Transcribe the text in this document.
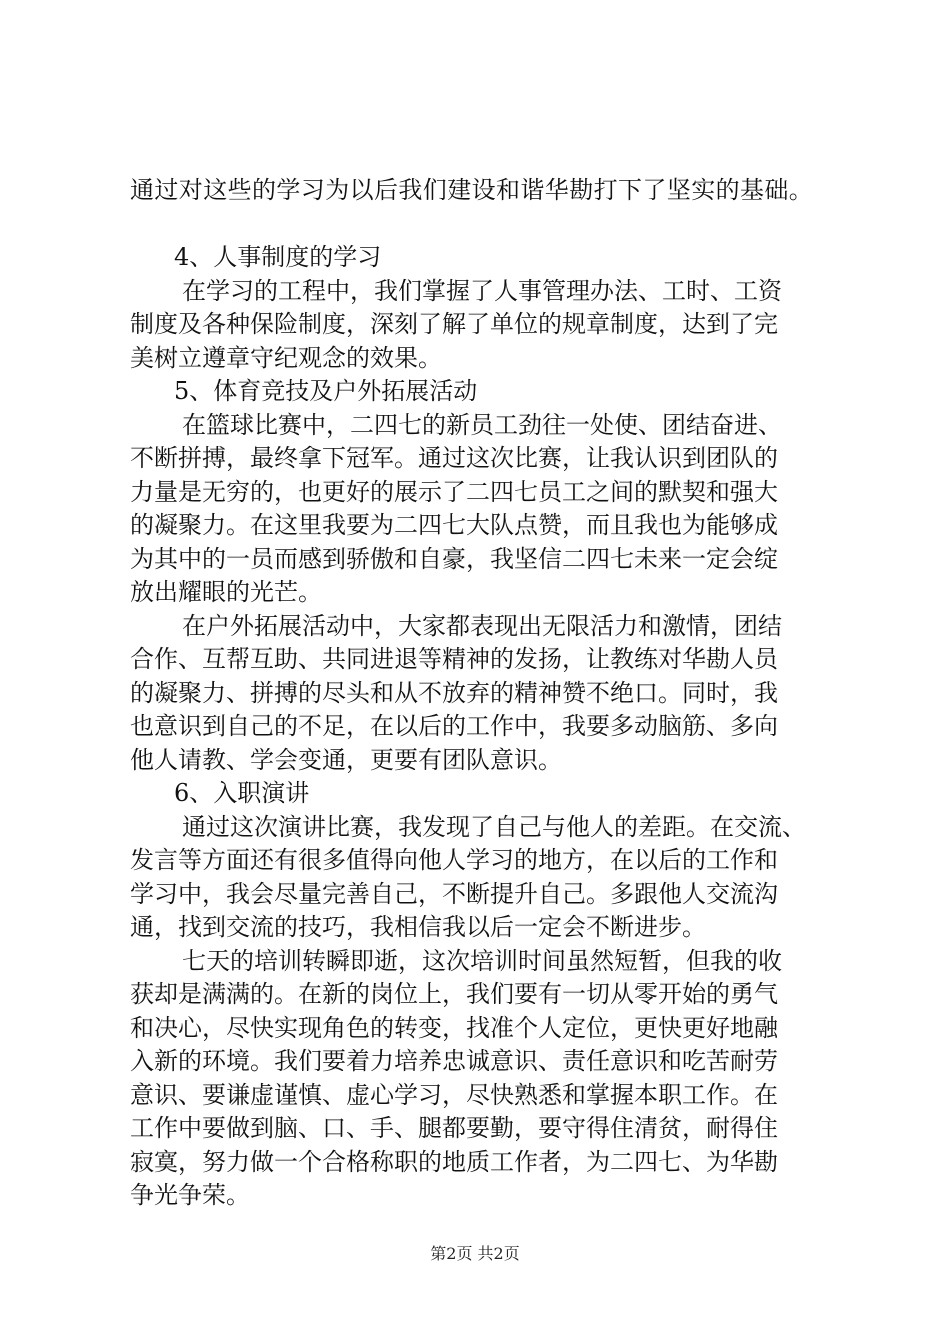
通过对这些的学习为以后我们建设和谐华勘打下了坚实的基础。
4、人事制度的学习
在学习的工程中，我们掌握了人事管理办法、工时、工资
制度及各种保险制度，深刻了解了单位的规章制度，达到了完
美树立遵章守纪观念的效果。
5、体育竞技及户外拓展活动
在篮球比赛中，二四七的新员工劲往一处使、团结奋进、
不断拼搏，最终拿下冠军。通过这次比赛，让我认识到团队的
力量是无穷的，也更好的展示了二四七员工之间的默契和强大
的凝聚力。在这里我要为二四七大队点赞，而且我也为能够成
为其中的一员而感到骄傲和自豪，我坚信二四七未来一定会绽
放出耀眼的光芒。
在户外拓展活动中，大家都表现出无限活力和激情，团结
合作、互帮互助、共同进退等精神的发扬，让教练对华勘人员
的凝聚力、拼搏的尽头和从不放弃的精神赞不绝口。同时，我
也意识到自己的不足，在以后的工作中，我要多动脑筋、多向
他人请教、学会变通，更要有团队意识。
6、入职演讲
通过这次演讲比赛，我发现了自己与他人的差距。在交流、
发言等方面还有很多值得向他人学习的地方，在以后的工作和
学习中，我会尽量完善自己，不断提升自己。多跟他人交流沟
通，找到交流的技巧，我相信我以后一定会不断进步。
七天的培训转瞬即逝，这次培训时间虽然短暂，但我的收
获却是满满的。在新的岗位上，我们要有一切从零开始的勇气
和决心，尽快实现角色的转变，找准个人定位，更快更好地融
入新的环境。我们要着力培养忠诚意识、责任意识和吃苦耐劳
意识、要谦虚谨慎、虚心学习，尽快熟悉和掌握本职工作。在
工作中要做到脑、口、手、腿都要勤，要守得住清贫，耐得住
寂寞，努力做一个合格称职的地质工作者，为二四七、为华勘
争光争荣。
第2页 共2页
